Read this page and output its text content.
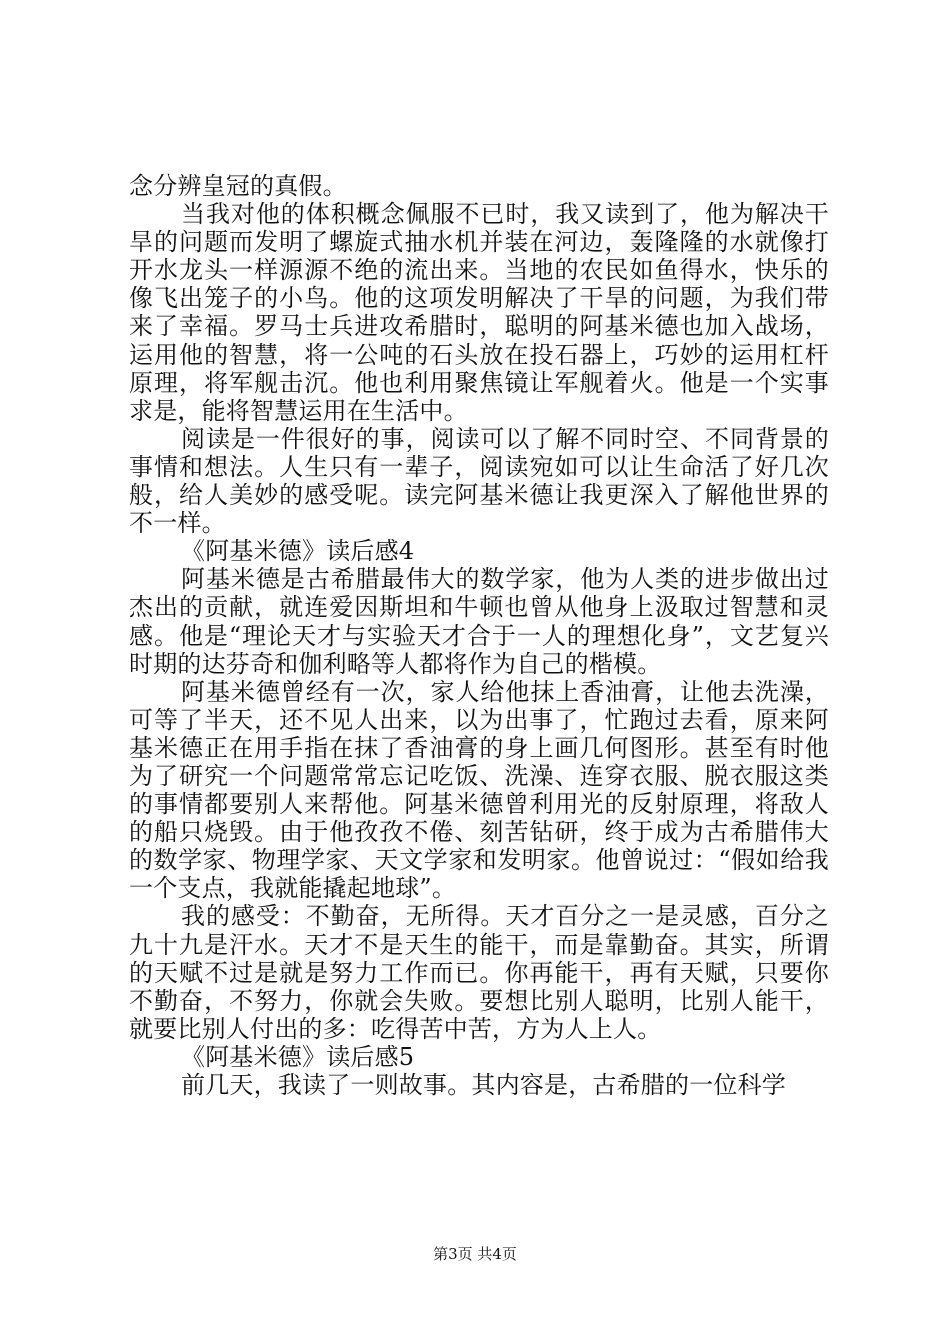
念分辨皇冠的真假。

当我对他的体积概念佩服不已时，我又读到了，他为解决干旱的问题而发明了螺旋式抽水机并装在河边，轰隆隆的水就像打开水龙头一样源源不绝的流出来。当地的农民如鱼得水，快乐的像飞出笼子的小鸟。他的这项发明解决了干旱的问题，为我们带来了幸福。罗马士兵进攻希腊时，聪明的阿基米德也加入战场，运用他的智慧，将一公吨的石头放在投石器上，巧妙的运用杠杆原理，将军舰击沉。他也利用聚焦镜让军舰着火。他是一个实事求是，能将智慧运用在生活中。

阅读是一件很好的事，阅读可以了解不同时空、不同背景的事情和想法。人生只有一辈子，阅读宛如可以让生命活了好几次般，给人美妙的感受呢。读完阿基米德让我更深入了解他世界的不一样。

《阿基米德》读后感4

阿基米德是古希腊最伟大的数学家，他为人类的进步做出过杰出的贡献，就连爱因斯坦和牛顿也曾从他身上汲取过智慧和灵感。他是“理论天才与实验天才合于一人的理想化身”，文艺复兴时期的达芬奇和伽利略等人都将作为自己的楷模。

阿基米德曾经有一次，家人给他抹上香油膏，让他去洗澡，可等了半天，还不见人出来，以为出事了，忙跑过去看，原来阿基米德正在用手指在抹了香油膏的身上画几何图形。甚至有时他为了研究一个问题常常忘记吃饭、洗澡、连穿衣服、脱衣服这类的事情都要别人来帮他。阿基米德曾利用光的反射原理，将敌人的船只烧毁。由于他孜孜不倦、刻苦钻研，终于成为古希腊伟大的数学家、物理学家、天文学家和发明家。他曾说过：“假如给我一个支点，我就能撬起地球”。

我的感受：不勤奋，无所得。天才百分之一是灵感，百分之九十九是汗水。天才不是天生的能干，而是靠勤奋。其实，所谓的天赋不过是就是努力工作而已。你再能干，再有天赋，只要你不勤奋，不努力，你就会失败。要想比别人聪明，比别人能干，就要比别人付出的多：吃得苦中苦，方为人上人。

《阿基米德》读后感5

前几天，我读了一则故事。其内容是，古希腊的一位科学

第3页 共4页
